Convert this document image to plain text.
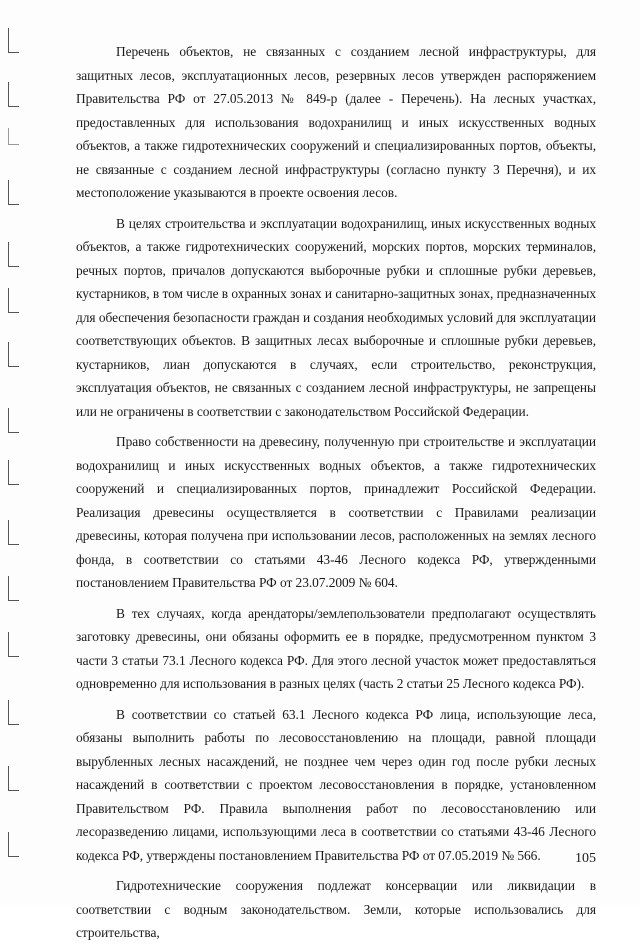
Перечень объектов, не связанных с созданием лесной инфраструктуры, для защитных лесов, эксплуатационных лесов, резервных лесов утвержден распоряжением Правительства РФ от 27.05.2013 № 849-р (далее - Перечень). На лесных участках, предоставленных для использования водохранилищ и иных искусственных водных объектов, а также гидротехнических сооружений и специализированных портов, объекты, не связанные с созданием лесной инфраструктуры (согласно пункту 3 Перечня), и их местоположение указываются в проекте освоения лесов.

В целях строительства и эксплуатации водохранилищ, иных искусственных водных объектов, а также гидротехнических сооружений, морских портов, морских терминалов, речных портов, причалов допускаются выборочные рубки и сплошные рубки деревьев, кустарников, в том числе в охранных зонах и санитарно-защитных зонах, предназначенных для обеспечения безопасности граждан и создания необходимых условий для эксплуатации соответствующих объектов. В защитных лесах выборочные и сплошные рубки деревьев, кустарников, лиан допускаются в случаях, если строительство, реконструкция, эксплуатация объектов, не связанных с созданием лесной инфраструктуры, не запрещены или не ограничены в соответствии с законодательством Российской Федерации.

Право собственности на древесину, полученную при строительстве и эксплуатации водохранилищ и иных искусственных водных объектов, а также гидротехнических сооружений и специализированных портов, принадлежит Российской Федерации. Реализация древесины осуществляется в соответствии с Правилами реализации древесины, которая получена при использовании лесов, расположенных на землях лесного фонда, в соответствии со статьями 43-46 Лесного кодекса РФ, утвержденными постановлением Правительства РФ от 23.07.2009 № 604.

В тех случаях, когда арендаторы/землепользователи предполагают осуществлять заготовку древесины, они обязаны оформить ее в порядке, предусмотренном пунктом 3 части 3 статьи 73.1 Лесного кодекса РФ. Для этого лесной участок может предоставляться одновременно для использования в разных целях (часть 2 статьи 25 Лесного кодекса РФ).

В соответствии со статьей 63.1 Лесного кодекса РФ лица, использующие леса, обязаны выполнить работы по лесовосстановлению на площади, равной площади вырубленных лесных насаждений, не позднее чем через один год после рубки лесных насаждений в соответствии с проектом лесовосстановления в порядке, установленном Правительством РФ. Правила выполнения работ по лесовосстановлению или лесоразведению лицами, использующими леса в соответствии со статьями 43-46 Лесного кодекса РФ, утверждены постановлением Правительства РФ от 07.05.2019 № 566.

Гидротехнические сооружения подлежат консервации или ликвидации в соответствии с водным законодательством. Земли, которые использовались для строительства,

105
